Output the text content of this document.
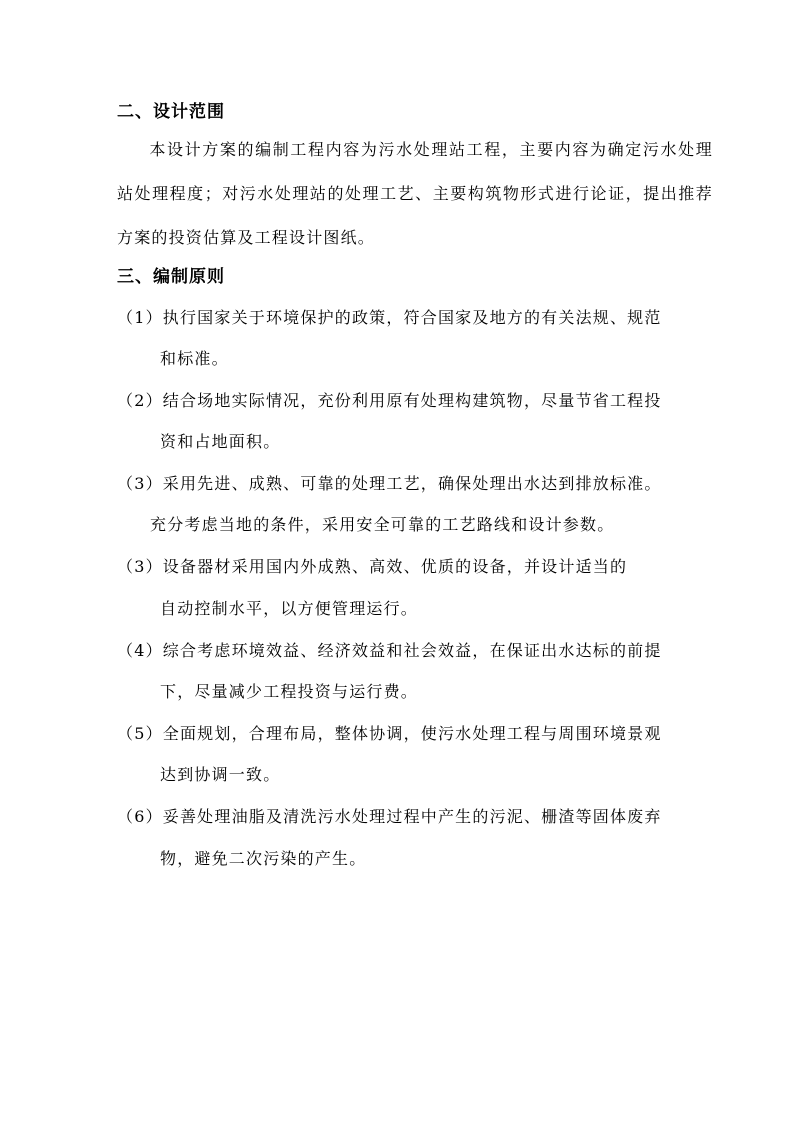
二、设计范围
本设计方案的编制工程内容为污水处理站工程，主要内容为确定污水处理站处理程度；对污水处理站的处理工艺、主要构筑物形式进行论证，提出推荐方案的投资估算及工程设计图纸。
三、编制原则
（1）执行国家关于环境保护的政策，符合国家及地方的有关法规、规范
和标准。
（2）结合场地实际情况，充份利用原有处理构建筑物，尽量节省工程投
资和占地面积。
（3）采用先进、成熟、可靠的处理工艺，确保处理出水达到排放标准。
充分考虑当地的条件，采用安全可靠的工艺路线和设计参数。
（3）设备器材采用国内外成熟、高效、优质的设备，并设计适当的
自动控制水平，以方便管理运行。
（4）综合考虑环境效益、经济效益和社会效益，在保证出水达标的前提
下，尽量减少工程投资与运行费。
（5）全面规划，合理布局，整体协调，使污水处理工程与周围环境景观
达到协调一致。
（6）妥善处理油脂及清洗污水处理过程中产生的污泥、栅渣等固体废弃
物，避免二次污染的产生。
